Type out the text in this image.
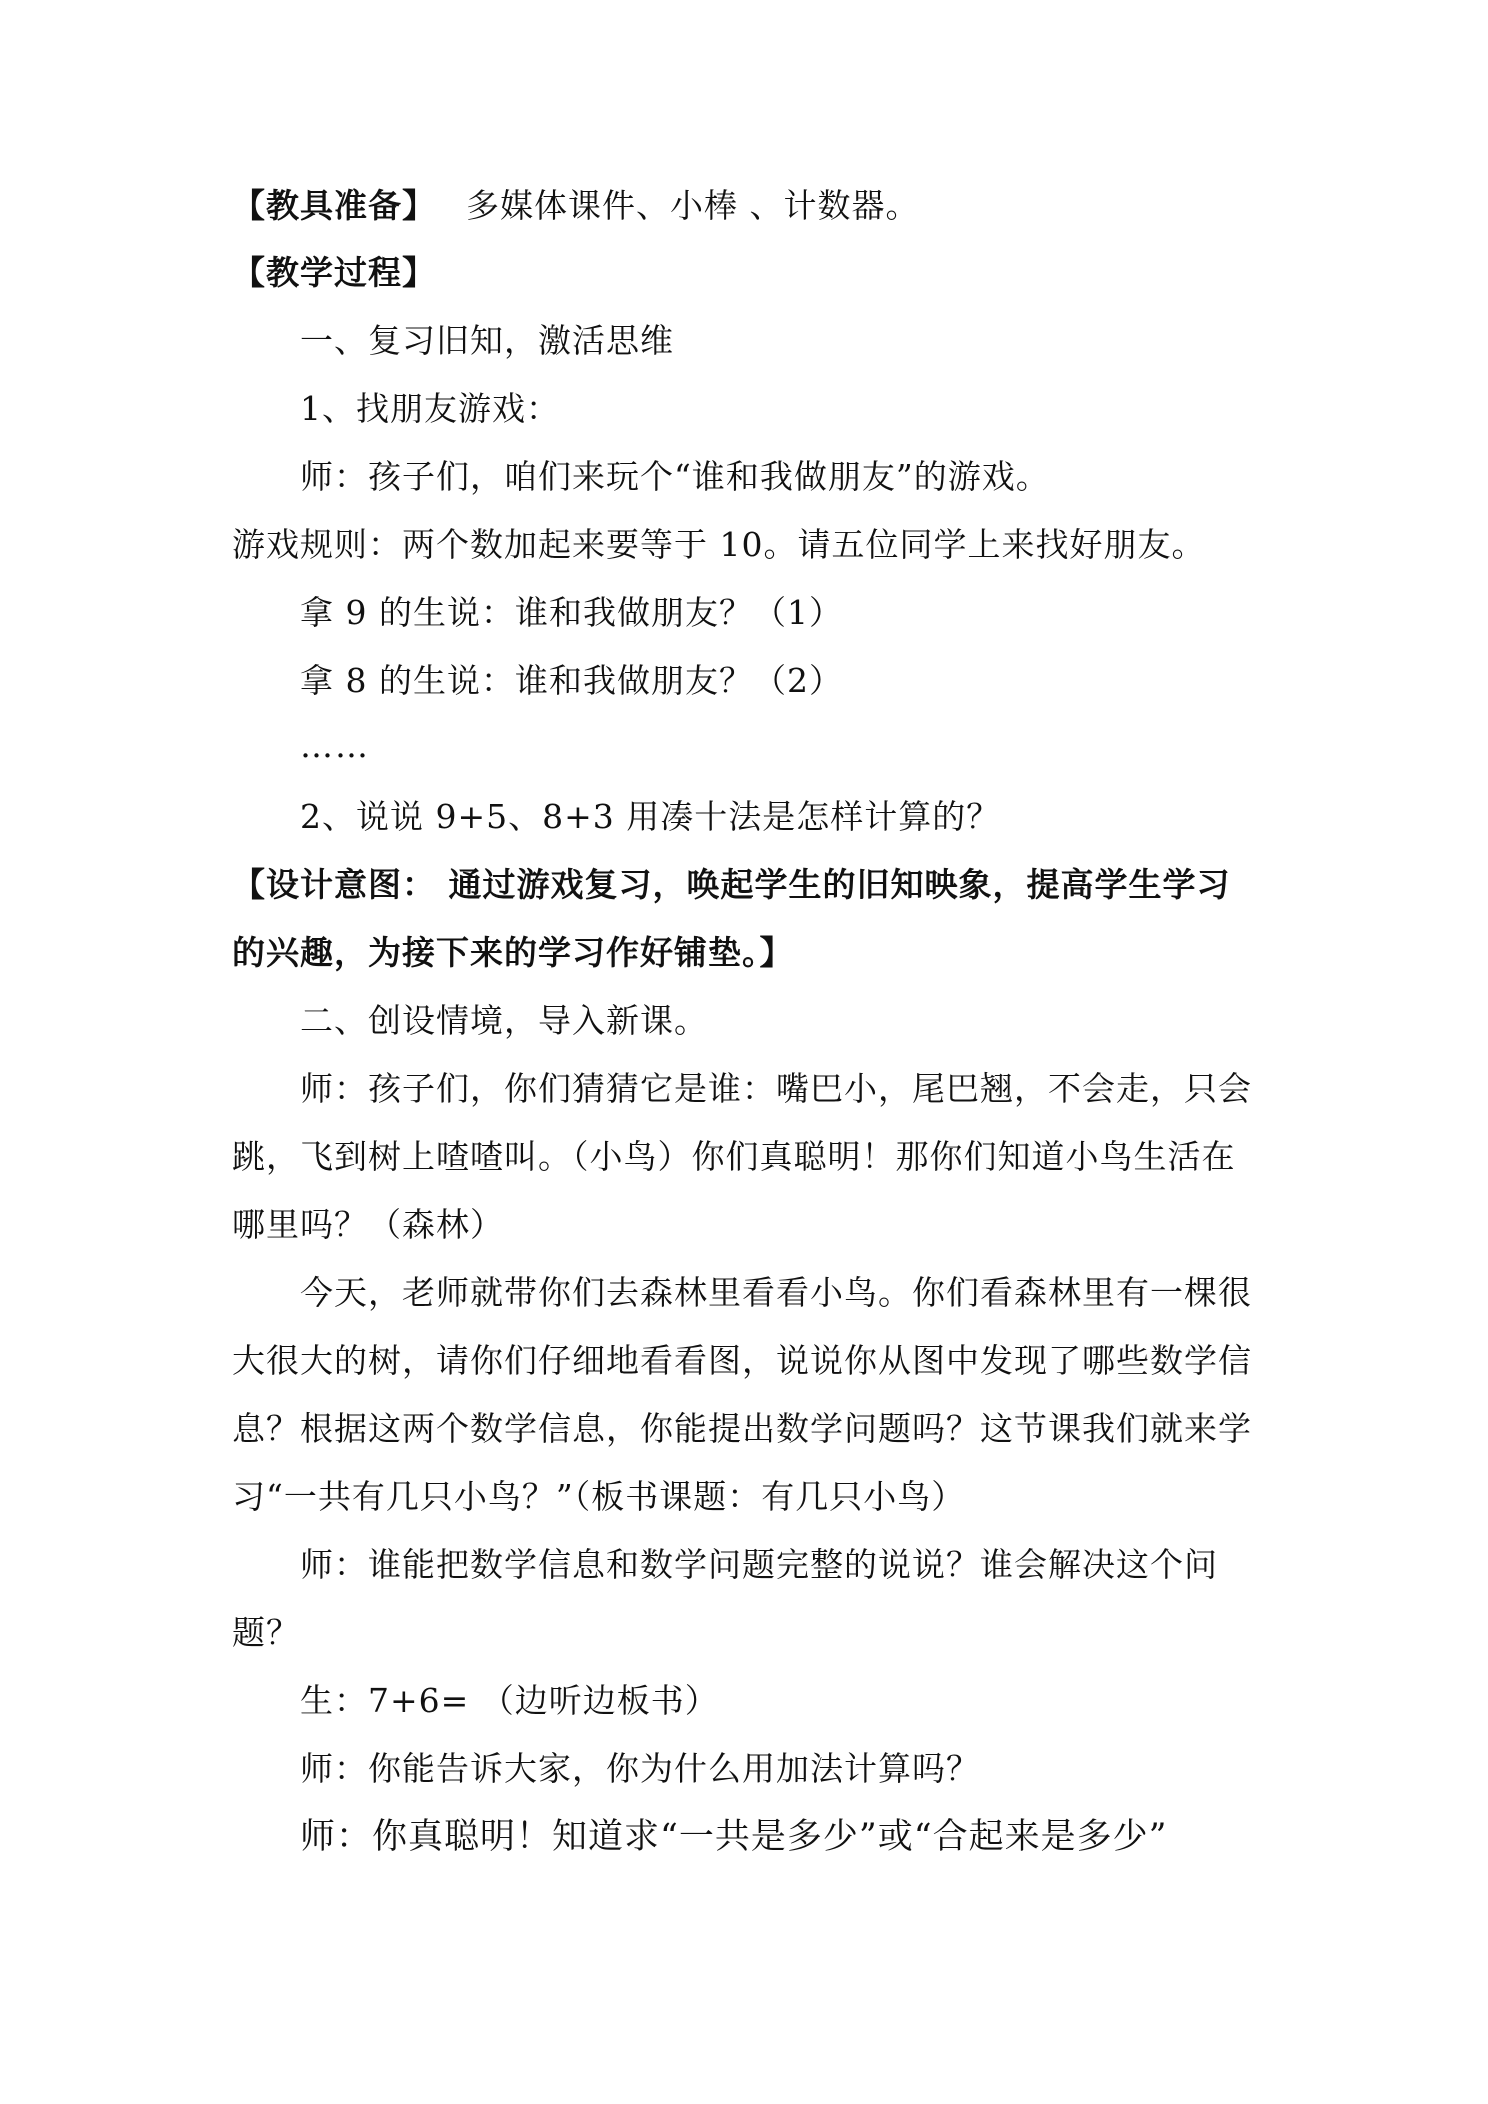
【教具准备】 多媒体课件、小棒 、计数器。
【教学过程】
一、复习旧知，激活思维
1、找朋友游戏：
师：孩子们，咱们来玩个“谁和我做朋友”的游戏。
游戏规则：两个数加起来要等于 10。请五位同学上来找好朋友。
拿 9 的生说：谁和我做朋友？（1）
拿 8 的生说：谁和我做朋友？（2）
……
2、说说 9+5、8+3 用凑十法是怎样计算的？
【设计意图： 通过游戏复习，唤起学生的旧知映象，提高学生学习
的兴趣，为接下来的学习作好铺垫。】
二、创设情境，导入新课。
师：孩子们，你们猜猜它是谁：嘴巴小，尾巴翘，不会走，只会
跳，飞到树上喳喳叫。（小鸟）你们真聪明！那你们知道小鸟生活在
哪里吗？（森林）
今天，老师就带你们去森林里看看小鸟。你们看森林里有一棵很
大很大的树，请你们仔细地看看图，说说你从图中发现了哪些数学信
息？根据这两个数学信息，你能提出数学问题吗？这节课我们就来学
习“一共有几只小鸟？”（板书课题：有几只小鸟）
师：谁能把数学信息和数学问题完整的说说？谁会解决这个问
题？
生：7+6= （边听边板书）
师：你能告诉大家，你为什么用加法计算吗？
师：你真聪明！知道求“一共是多少”或“合起来是多少”
